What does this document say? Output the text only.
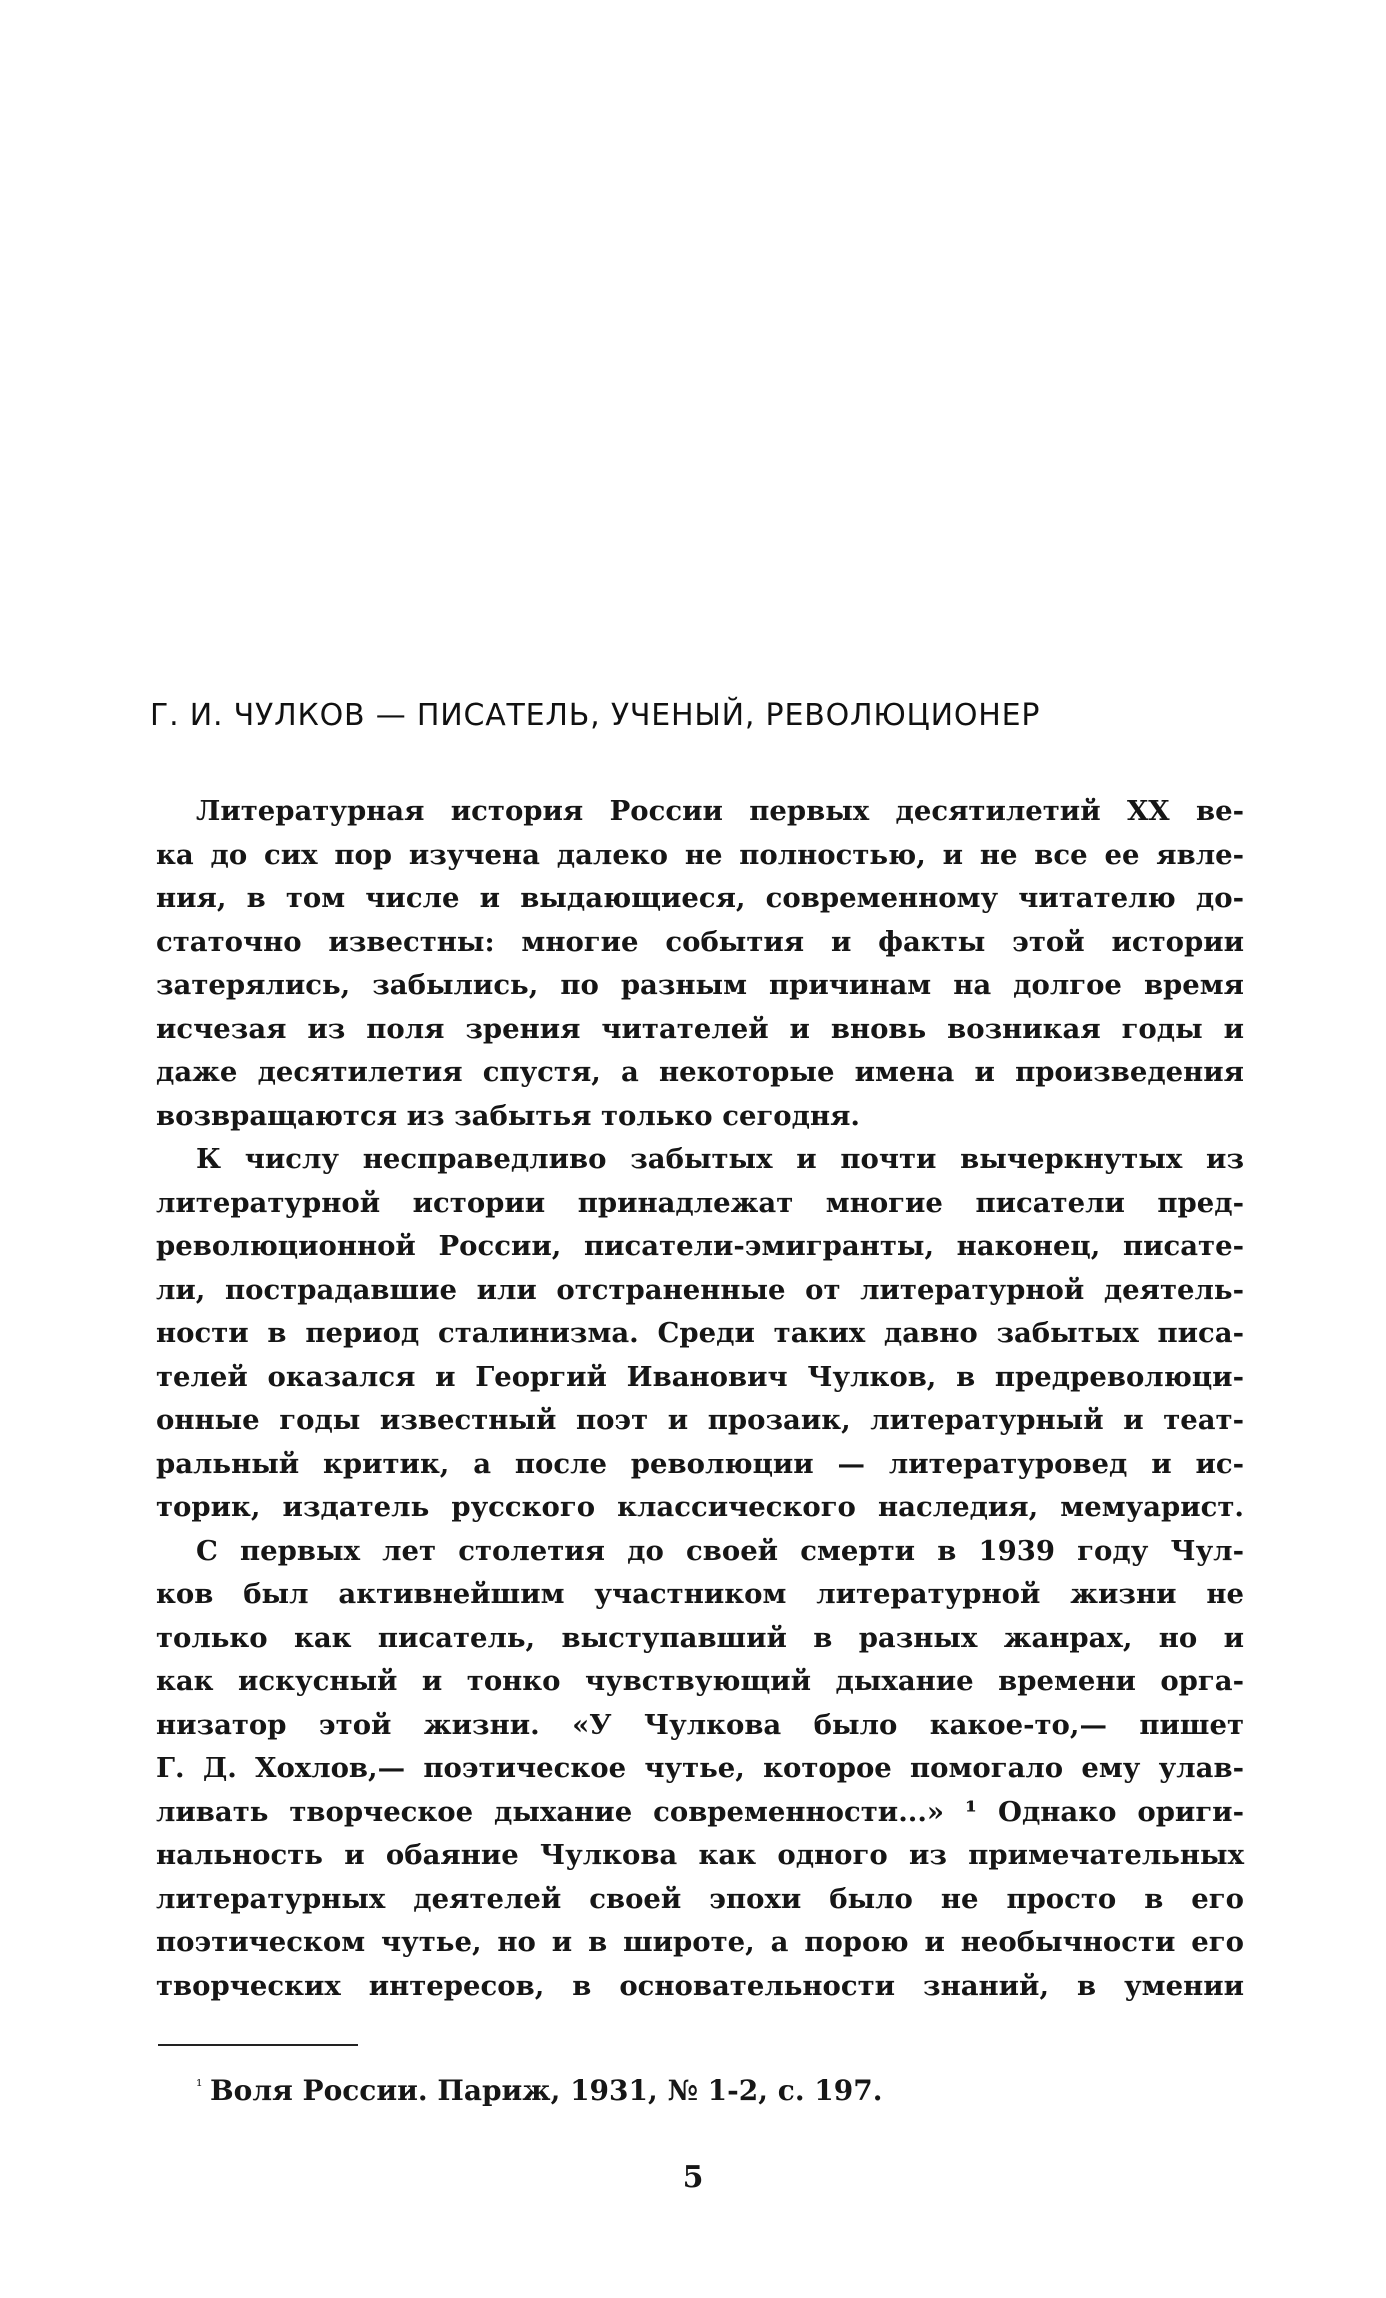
Г. И. ЧУЛКОВ — ПИСАТЕЛЬ, УЧЕНЫЙ, РЕВОЛЮЦИОНЕР
Литературная история России первых десятилетий XX ве-
ка до сих пор изучена далеко не полностью, и не все ее явле-
ния, в том числе и выдающиеся, современному читателю до-
статочно известны: многие события и факты этой истории
затерялись, забылись, по разным причинам на долгое время
исчезая из поля зрения читателей и вновь возникая годы и
даже десятилетия спустя, а некоторые имена и произведения
возвращаются из забытья только сегодня.
К числу несправедливо забытых и почти вычеркнутых из
литературной истории принадлежат многие писатели пред-
революционной России, писатели-эмигранты, наконец, писате-
ли, пострадавшие или отстраненные от литературной деятель-
ности в период сталинизма. Среди таких давно забытых писа-
телей оказался и Георгий Иванович Чулков, в предреволюци-
онные годы известный поэт и прозаик, литературный и теат-
ральный критик, а после революции — литературовед и ис-
торик, издатель русского классического наследия, мемуарист.
С первых лет столетия до своей смерти в 1939 году Чул-
ков был активнейшим участником литературной жизни не
только как писатель, выступавший в разных жанрах, но и
как искусный и тонко чувствующий дыхание времени орга-
низатор этой жизни. «У Чулкова было какое-то,— пишет
Г. Д. Хохлов,— поэтическое чутье, которое помогало ему улав-
ливать творческое дыхание современности...» ¹ Однако ориги-
нальность и обаяние Чулкова как одного из примечательных
литературных деятелей своей эпохи было не просто в его
поэтическом чутье, но и в широте, а порою и необычности его
творческих интересов, в основательности знаний, в умении
¹ Воля России. Париж, 1931, № 1-2, с. 197.
5
